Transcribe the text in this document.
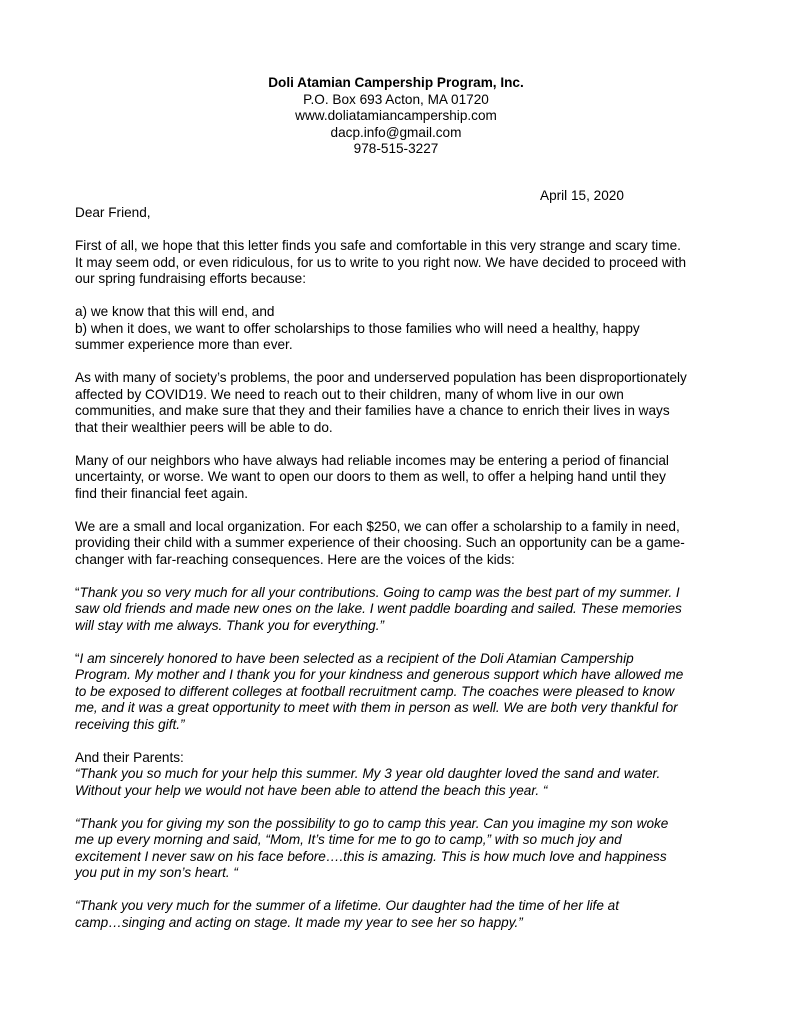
Doli Atamian Campership Program, Inc.
P.O. Box 693 Acton, MA 01720
www.doliatamiancampership.com
dacp.info@gmail.com
978-515-3227
April 15, 2020

Dear Friend,

First of all, we hope that this letter finds you safe and comfortable in this very strange and scary time.
It may seem odd, or even ridiculous, for us to write to you right now. We have decided to proceed with
our spring fundraising efforts because:

a) we know that this will end, and
b) when it does, we want to offer scholarships to those families who will need a healthy, happy
summer experience more than ever.

As with many of society’s problems, the poor and underserved population has been disproportionately
affected by COVID19. We need to reach out to their children, many of whom live in our own
communities, and make sure that they and their families have a chance to enrich their lives in ways
that their wealthier peers will be able to do.

Many of our neighbors who have always had reliable incomes may be entering a period of financial
uncertainty, or worse. We want to open our doors to them as well, to offer a helping hand until they
find their financial feet again.

We are a small and local organization. For each $250, we can offer a scholarship to a family in need,
providing their child with a summer experience of their choosing. Such an opportunity can be a game-
changer with far-reaching consequences. Here are the voices of the kids:

“Thank you so very much for all your contributions. Going to camp was the best part of my summer. I
saw old friends and made new ones on the lake. I went paddle boarding and sailed. These memories
will stay with me always. Thank you for everything.”

“I am sincerely honored to have been selected as a recipient of the Doli Atamian Campership
Program. My mother and I thank you for your kindness and generous support which have allowed me
to be exposed to different colleges at football recruitment camp. The coaches were pleased to know
me, and it was a great opportunity to meet with them in person as well. We are both very thankful for
receiving this gift.”

And their Parents:

“Thank you so much for your help this summer. My 3 year old daughter loved the sand and water.
Without your help we would not have been able to attend the beach this year. “

“Thank you for giving my son the possibility to go to camp this year. Can you imagine my son woke
me up every morning and said, “Mom, It’s time for me to go to camp,” with so much joy and
excitement I never saw on his face before….this is amazing. This is how much love and happiness
you put in my son’s heart. “

“Thank you very much for the summer of a lifetime. Our daughter had the time of her life at
camp…singing and acting on stage. It made my year to see her so happy.”
